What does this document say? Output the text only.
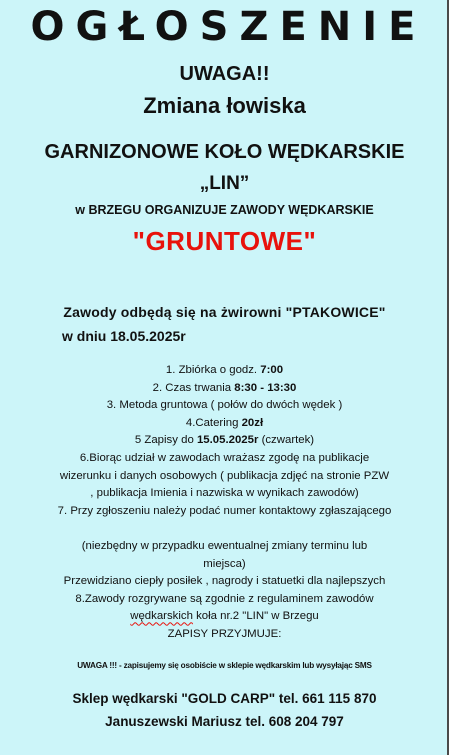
OGŁOSZENIE
UWAGA!!
Zmiana łowiska
GARNIZONOWE KOŁO WĘDKARSKIE
„LIN”
w BRZEGU ORGANIZUJE ZAWODY WĘDKARSKIE
"GRUNTOWE"
Zawody odbędą się na żwirowni "PTAKOWICE"
w dniu 18.05.2025r
1. Zbiórka o godz. 7:00
2. Czas trwania 8:30 - 13:30
3. Metoda gruntowa ( połów do dwóch wędek )
4.Catering 20zł
5 Zapisy do 15.05.2025r (czwartek)
6.Biorąc udział w zawodach wrażasz zgodę na publikacje
wizerunku i danych osobowych ( publikacja zdjęć na stronie PZW
, publikacja Imienia i nazwiska w wynikach zawodów)
7. Przy zgłoszeniu należy podać numer kontaktowy zgłaszającego
(niezbędny w przypadku ewentualnej zmiany terminu lub
miejsca)
Przewidziano ciepły posiłek , nagrody i statuetki dla najlepszych
8.Zawody rozgrywane są zgodnie z regulaminem zawodów
wędkarskich koła nr.2 "LIN" w Brzegu
ZAPISY PRZYJMUJE:
UWAGA !!! - zapisujemy się osobiście w sklepie wędkarskim lub wysyłając SMS
Sklep wędkarski "GOLD CARP" tel. 661 115 870
Januszewski Mariusz tel. 608 204 797
